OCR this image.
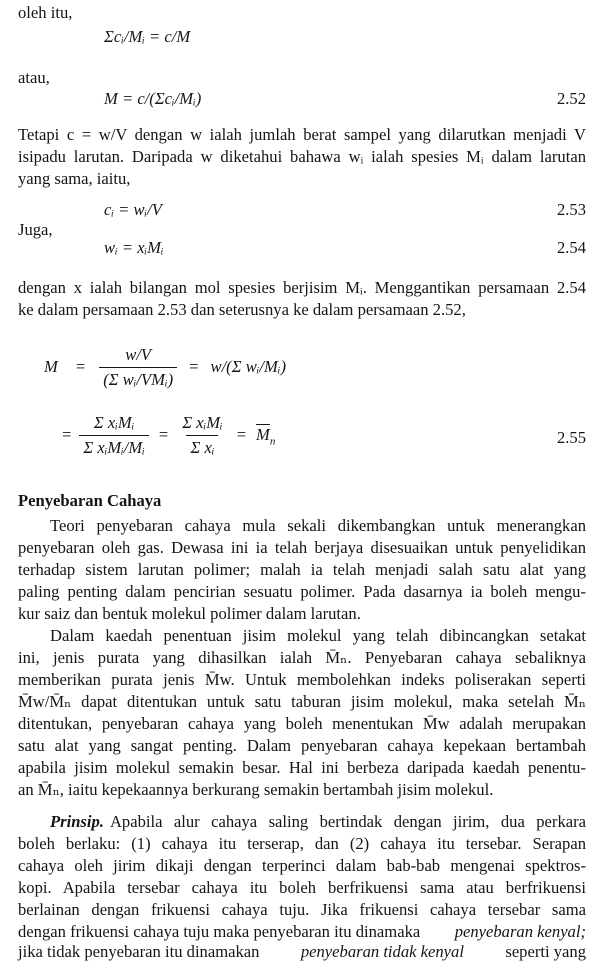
oleh itu,
Σcᵢ/Mᵢ = c/M
atau,
M = c/(Σcᵢ/Mᵢ)	2.52
Tetapi c = w/V dengan w ialah jumlah berat sampel yang dilarutkan menjadi V
isipadu larutan. Daripada w diketahui bahawa wᵢ ialah spesies Mᵢ dalam larutan
yang sama, iaitu,
cᵢ = wᵢ/V	2.53
Juga,
wᵢ = xᵢMᵢ	2.54
dengan x ialah bilangan mol spesies berjisim Mᵢ. Menggantikan persamaan 2.54
ke dalam persamaan 2.53 dan seterusnya ke dalam persamaan 2.52,
$M = \frac{w/V}{\text{(Σ wᵢ/VMᵢ)}} = w/(\Sigma$ wᵢ/Mᵢ)
= $\frac{\text{Σ xᵢMᵢ}}{\text{Σ xᵢMᵢ/Mᵢ}} = \frac{\text{Σ xᵢMᵢ}}{\text{Σ xᵢ}} = \overline{M}_n$	2.55
Penyebaran Cahaya
Teori penyebaran cahaya mula sekali dikembangkan untuk menerangkan
penyebaran oleh gas. Dewasa ini ia telah berjaya disesuaikan untuk penyelidikan
terhadap sistem larutan polimer; malah ia telah menjadi salah satu alat yang
paling penting dalam pencirian sesuatu polimer. Pada dasarnya ia boleh mengu-
kur saiz dan bentuk molekul polimer dalam larutan.
Dalam kaedah penentuan jisim molekul yang telah dibincangkan setakat
ini, jenis purata yang dihasilkan ialah M̄ₙ. Penyebaran cahaya sebaliknya
memberikan purata jenis M̄w. Untuk membolehkan indeks poliserakan seperti
M̄w/M̄ₙ dapat ditentukan untuk satu taburan jisim molekul, maka setelah M̄ₙ
ditentukan, penyebaran cahaya yang boleh menentukan M̄w adalah merupakan
satu alat yang sangat penting. Dalam penyebaran cahaya kepekaan bertambah
apabila jisim molekul semakin besar. Hal ini berbeza daripada kaedah penentu-
an M̄ₙ, iaitu kepekaannya berkurang semakin bertambah jisim molekul.
Prinsip. Apabila alur cahaya saling bertindak dengan jirim, dua perkara
boleh berlaku: (1) cahaya itu terserap, dan (2) cahaya itu tersebar. Serapan
cahaya oleh jirim dikaji dengan terperinci dalam bab-bab mengenai spektros-
kopi. Apabila tersebar cahaya itu boleh berfrikuensi sama atau berfrikuensi
berlainan dengan frikuensi cahaya tuju. Jika frikuensi cahaya tersebar sama
dengan frikuensi cahaya tuju maka penyebaran itu dinamaka penyebaran kenyal;
jika tidak penyebaran itu dinamakan penyebaran tidak kenyal seperti yang
